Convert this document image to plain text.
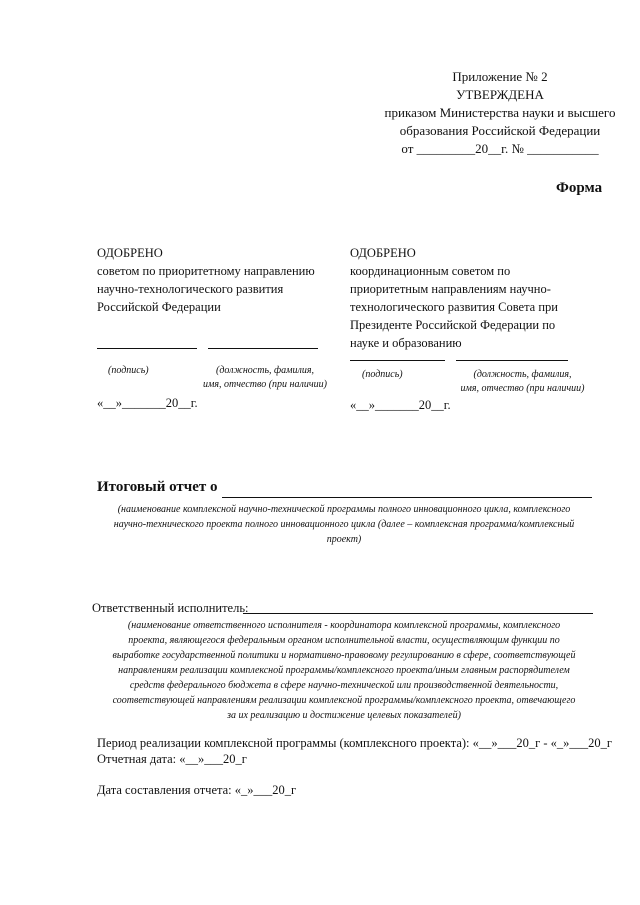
Приложение № 2
УТВЕРЖДЕНА
приказом Министерства науки и высшего
образования Российской Федерации
от _________20__г. № ___________
Форма
ОДОБРЕНО
советом по приоритетному направлению
научно-технологического развития
Российской Федерации
(подпись)	(должность, фамилия,
имя, отчество (при наличии)
«__»_______20__г.
ОДОБРЕНО
координационным советом по
приоритетным направлениям научно-
технологического развития Совета при
Президенте Российской Федерации по
науке и образованию
(подпись)	(должность, фамилия,
имя, отчество (при наличии)
«__»_______20__г.
Итоговый отчет о
(наименование комплексной научно-технической программы полного инновационного цикла, комплексного
научно-технического проекта полного инновационного цикла (далее – комплексная программа/комплексный
проект)
Ответственный исполнитель:
(наименование ответственного исполнителя - координатора комплексной программы, комплексного
проекта, являющегося федеральным органом исполнительной власти, осуществляющим функции по
выработке государственной политики и нормативно-правовому регулированию в сфере, соответствующей
направлениям реализации комплексной программы/комплексного проекта/иным главным распорядителем
средств федерального бюджета в сфере научно-технической или производственной деятельности,
соответствующей направлениям реализации комплексной программы/комплексного проекта, отвечающего
за их реализацию и достижение целевых показателей)
Период реализации комплексной программы (комплексного проекта): «__»___20_г - «_»___20_г
Отчетная дата: «__»___20_г
Дата составления отчета: «_»___20_г
